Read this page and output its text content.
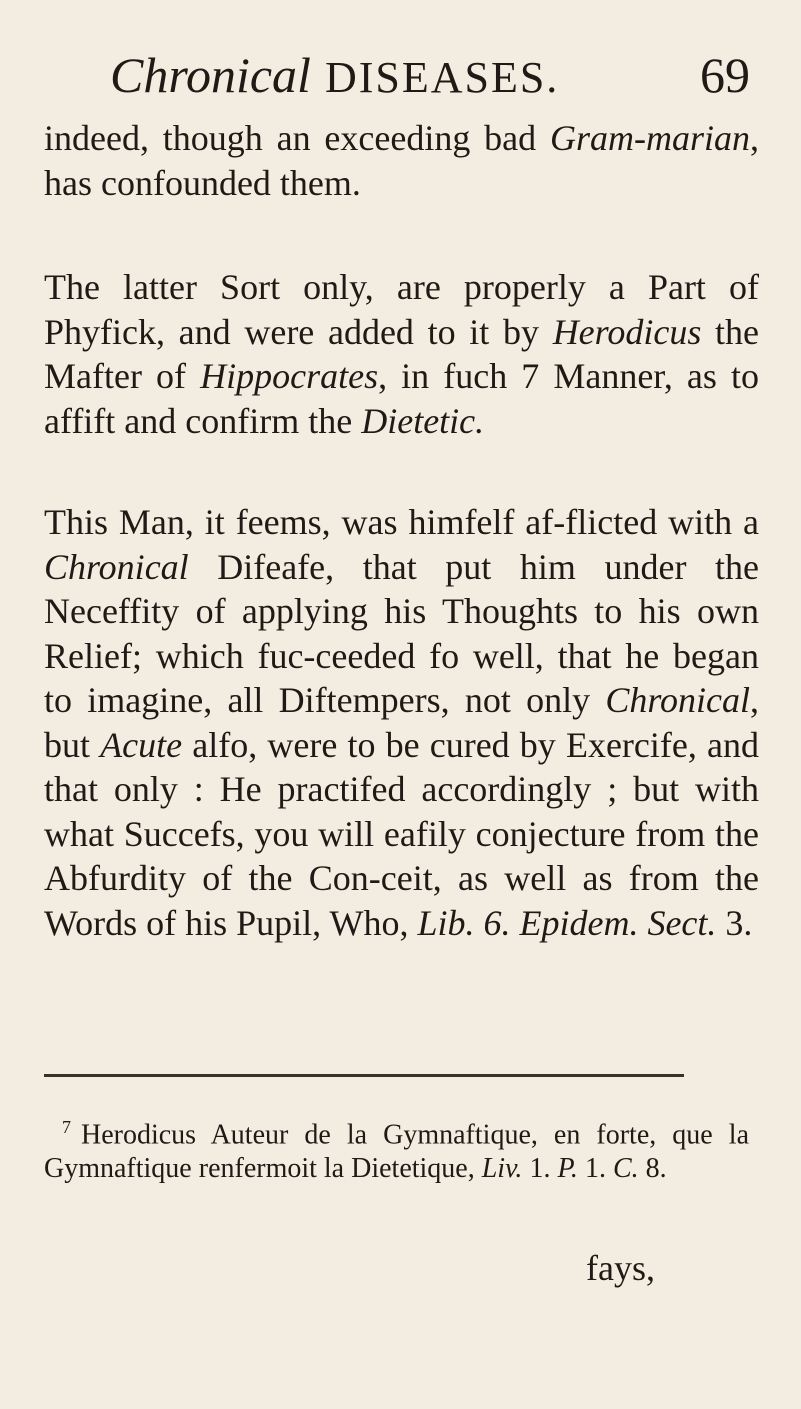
Chronical DISEASES.	69

indeed, though an exceeding bad Gram-marian, has confounded them.

The latter Sort only, are properly a Part of Phyfick, and were added to it by Herodicus the Mafter of Hippocrates, in fuch 7 Manner, as to affift and confirm the Dietetic.

This Man, it feems, was himfelf af-flicted with a Chronical Difeafe, that put him under the Neceffity of applying his Thoughts to his own Relief; which fuc-ceeded fo well, that he began to imagine, all Diftempers, not only Chronical, but Acute alfo, were to be cured by Exercife, and that only : He practifed accordingly ; but with what Succefs, you will eafily conjecture from the Abfurdity of the Con-ceit, as well as from the Words of his Pupil, Who, Lib. 6. Epidem. Sect. 3.

$^7$ Herodicus Auteur de la Gymnaftique, en forte, que la Gymnaftique renfermoit la Dietetique, Liv. 1. P. 1. C. 8.

fays,
